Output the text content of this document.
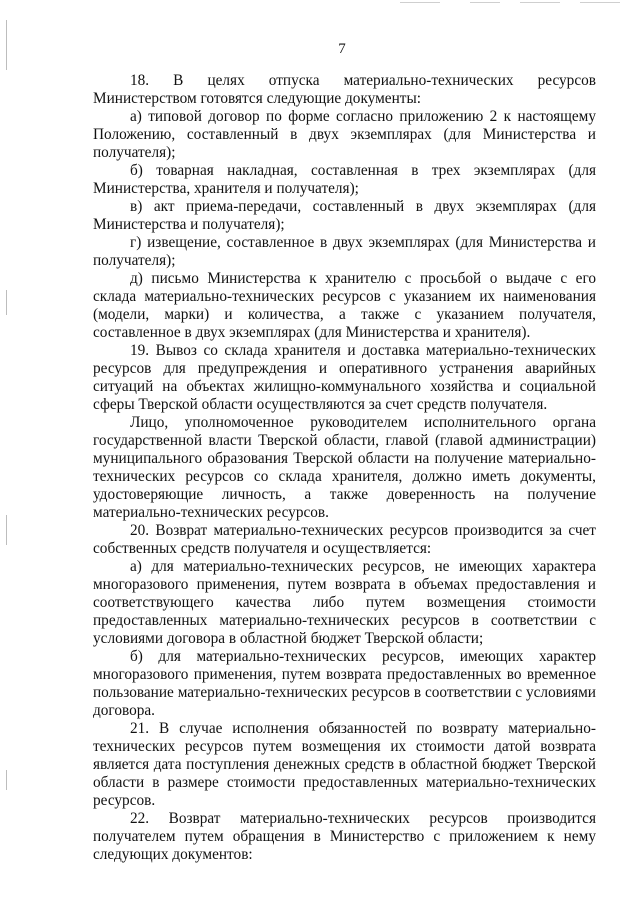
7

18. В целях отпуска материально-технических ресурсов Министерством готовятся следующие документы:

а) типовой договор по форме согласно приложению 2 к настоящему Положению, составленный в двух экземплярах (для Министерства и получателя);

б) товарная накладная, составленная в трех экземплярах (для Министерства, хранителя и получателя);

в) акт приема-передачи, составленный в двух экземплярах (для Министерства и получателя);

г) извещение, составленное в двух экземплярах (для Министерства и получателя);

д) письмо Министерства к хранителю с просьбой о выдаче с его склада материально-технических ресурсов с указанием их наименования (модели, марки) и количества, а также с указанием получателя, составленное в двух экземплярах (для Министерства и хранителя).

19. Вывоз со склада хранителя и доставка материально-технических ресурсов для предупреждения и оперативного устранения аварийных ситуаций на объектах жилищно-коммунального хозяйства и социальной сферы Тверской области осуществляются за счет средств получателя.

Лицо, уполномоченное руководителем исполнительного органа государственной власти Тверской области, главой (главой администрации) муниципального образования Тверской области на получение материально-технических ресурсов со склада хранителя, должно иметь документы, удостоверяющие личность, а также доверенность на получение материально-технических ресурсов.

20. Возврат материально-технических ресурсов производится за счет собственных средств получателя и осуществляется:

а) для материально-технических ресурсов, не имеющих характера многоразового применения, путем возврата в объемах предоставления и соответствующего качества либо путем возмещения стоимости предоставленных материально-технических ресурсов в соответствии с условиями договора в областной бюджет Тверской области;

б) для материально-технических ресурсов, имеющих характер многоразового применения, путем возврата предоставленных во временное пользование материально-технических ресурсов в соответствии с условиями договора.

21. В случае исполнения обязанностей по возврату материально-технических ресурсов путем возмещения их стоимости датой возврата является дата поступления денежных средств в областной бюджет Тверской области в размере стоимости предоставленных материально-технических ресурсов.

22. Возврат материально-технических ресурсов производится получателем путем обращения в Министерство с приложением к нему следующих документов:
